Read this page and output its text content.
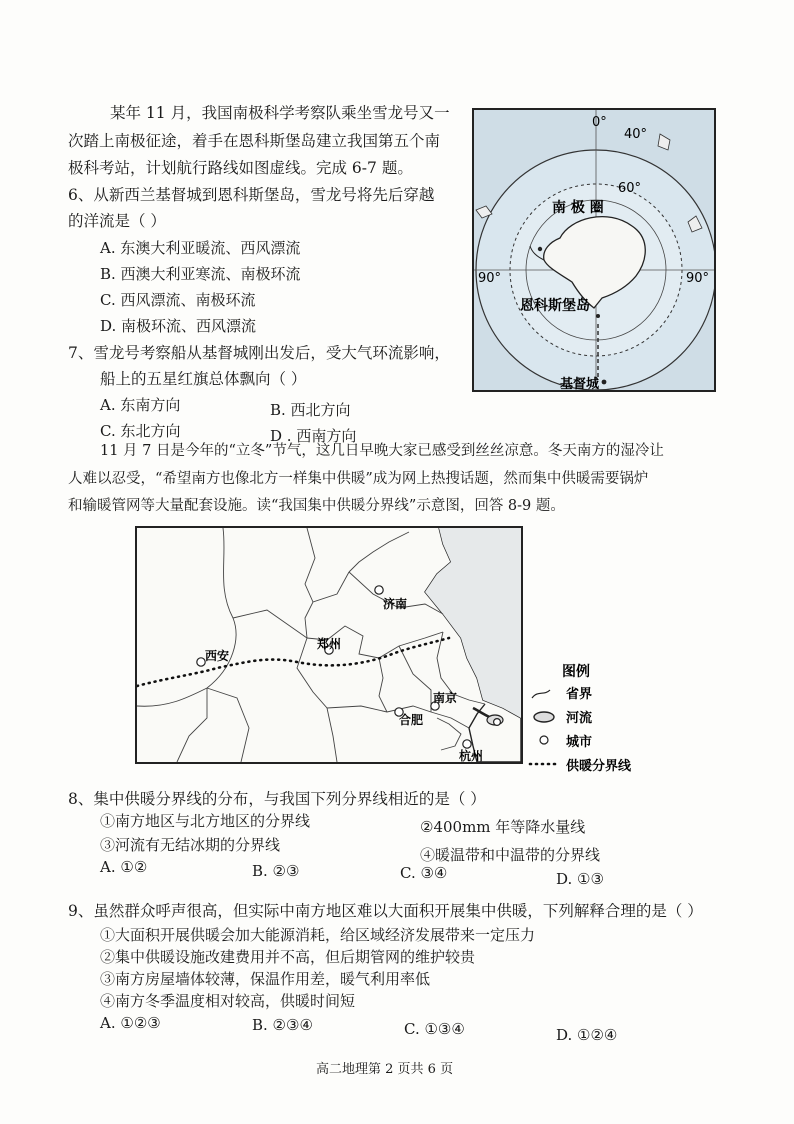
某年 11 月，我国南极科学考察队乘坐雪龙号又一
次踏上南极征途，着手在恩科斯堡岛建立我国第五个南
极科考站，计划航行路线如图虚线。完成 6-7 题。
6、从新西兰基督城到恩科斯堡岛，雪龙号将先后穿越
的洋流是（ ）
A. 东澳大利亚暖流、西风漂流
B. 西澳大利亚寒流、南极环流
C. 西风漂流、南极环流
D. 南极环流、西风漂流
7、雪龙号考察船从基督城刚出发后，受大气环流影响，
船上的五星红旗总体飘向（ ）
A. 东南方向	B. 西北方向
C. 东北方向	D . 西南方向
0°
40°
60°
南 极 圈
90°	90°
恩科斯堡岛
基督城
11 月 7 日是今年的“立冬”节气，这几日早晚大家已感受到丝丝凉意。冬天南方的湿冷让
人难以忍受，“希望南方也像北方一样集中供暖”成为网上热搜话题，然而集中供暖需要锅炉
和输暖管网等大量配套设施。读“我国集中供暖分界线”示意图，回答 8-9 题。
济南
郑州
西安
南京
合肥
杭州
图例
省界
河流
城市
供暖分界线
8、集中供暖分界线的分布，与我国下列分界线相近的是（ ）
①南方地区与北方地区的分界线	②400mm 年等降水量线
③河流有无结冰期的分界线
④暖温带和中温带的分界线
A. ①②	B. ②③	C. ③④	D. ①③
9、虽然群众呼声很高，但实际中南方地区难以大面积开展集中供暖，下列解释合理的是（ ）
①大面积开展供暖会加大能源消耗，给区域经济发展带来一定压力
②集中供暖设施改建费用并不高，但后期管网的维护较贵
③南方房屋墙体较薄，保温作用差，暖气利用率低
④南方冬季温度相对较高，供暖时间短
A. ①②③	B. ②③④	C. ①③④	D. ①②④
高二地理第 2 页共 6 页
